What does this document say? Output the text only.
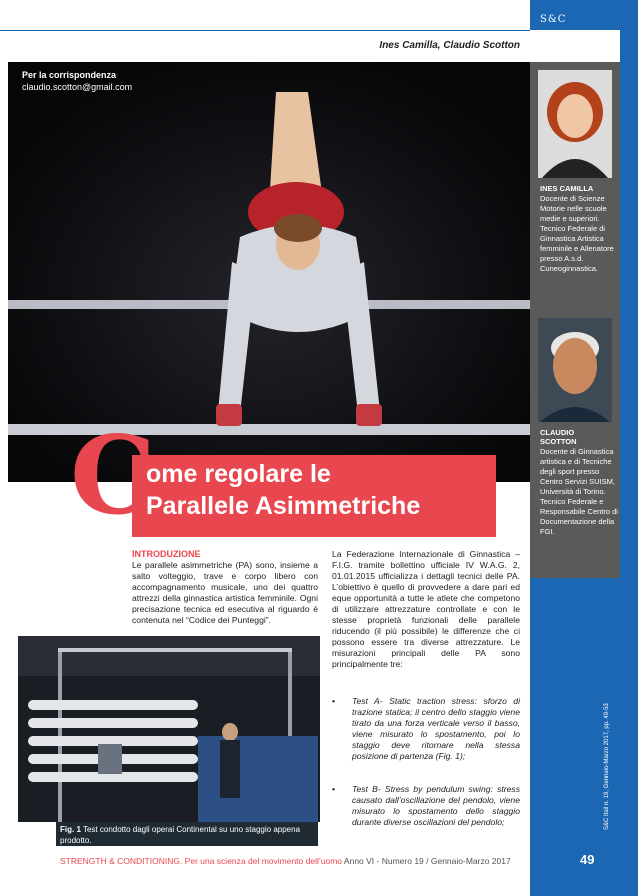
S&C
Ines Camilla, Claudio Scotton
Per la corrispondenza
claudio.scotton@gmail.com
INES CAMILLA
Docente di Scienze Motorie nelle scuole medie e superiori. Tecnico Federale di Ginnastica Artistica femminile e Allenatore presso A.s.d. Cuneoginnastica.
CLAUDIO
SCOTTON
Docente di Ginnastica artistica e di Tecniche degli sport presso Centro Servizi SUISM, Università di Torino. Tecnico Federale e Responsabile Centro di Documentazione della FGI.
S&C Itail n. 19, Gennaio-Marzo 2017, pp. 49-53
C
ome regolare le
Parallele Asimmetriche
INTRODUZIONE
Le parallele asimmetriche (PA) sono, insieme a salto volteggio, trave e corpo libero con accompagnamento musicale, uno dei quattro attrezzi della ginnastica artistica femminile. Ogni precisazione tecnica ed esecutiva al riguardo è contenuta nel “Codice dei Punteggi”.
La Federazione Internazionale di Ginnastica – F.I.G. tramite bollettino ufficiale IV W.A.G. 2, 01.01.2015 ufficializza i dettagli tecnici delle PA. L’obiettivo è quello di provvedere a dare pari ed eque opportunità a tutte le atlete che competono di utilizzare attrezzature controllate e con le stesse proprietà funzionali delle parallele riducendo (il più possibile) le differenze che ci possono essere tra diverse attrezzature. Le misurazioni principali delle PA sono principalmente tre:
• Test A- Static traction stress: sforzo di trazione statica; il centro dello staggio viene tirato da una forza verticale verso il basso, viene misurato lo spostamento, poi lo staggio deve ritornare nella stessa posizione di partenza (Fig. 1);
• Test B- Stress by pendulum swing: stress causato dall’oscillazione del pendolo, viene misurato lo spostamento dello staggio durante diverse oscillazioni del pendolo;
Fig. 1 Test condotto dagli operai Continental su uno staggio appena prodotto.
STRENGTH & CONDITIONING. Per una scienza del movimento dell’uomo Anno VI - Numero 19 / Gennaio-Marzo 2017	49
